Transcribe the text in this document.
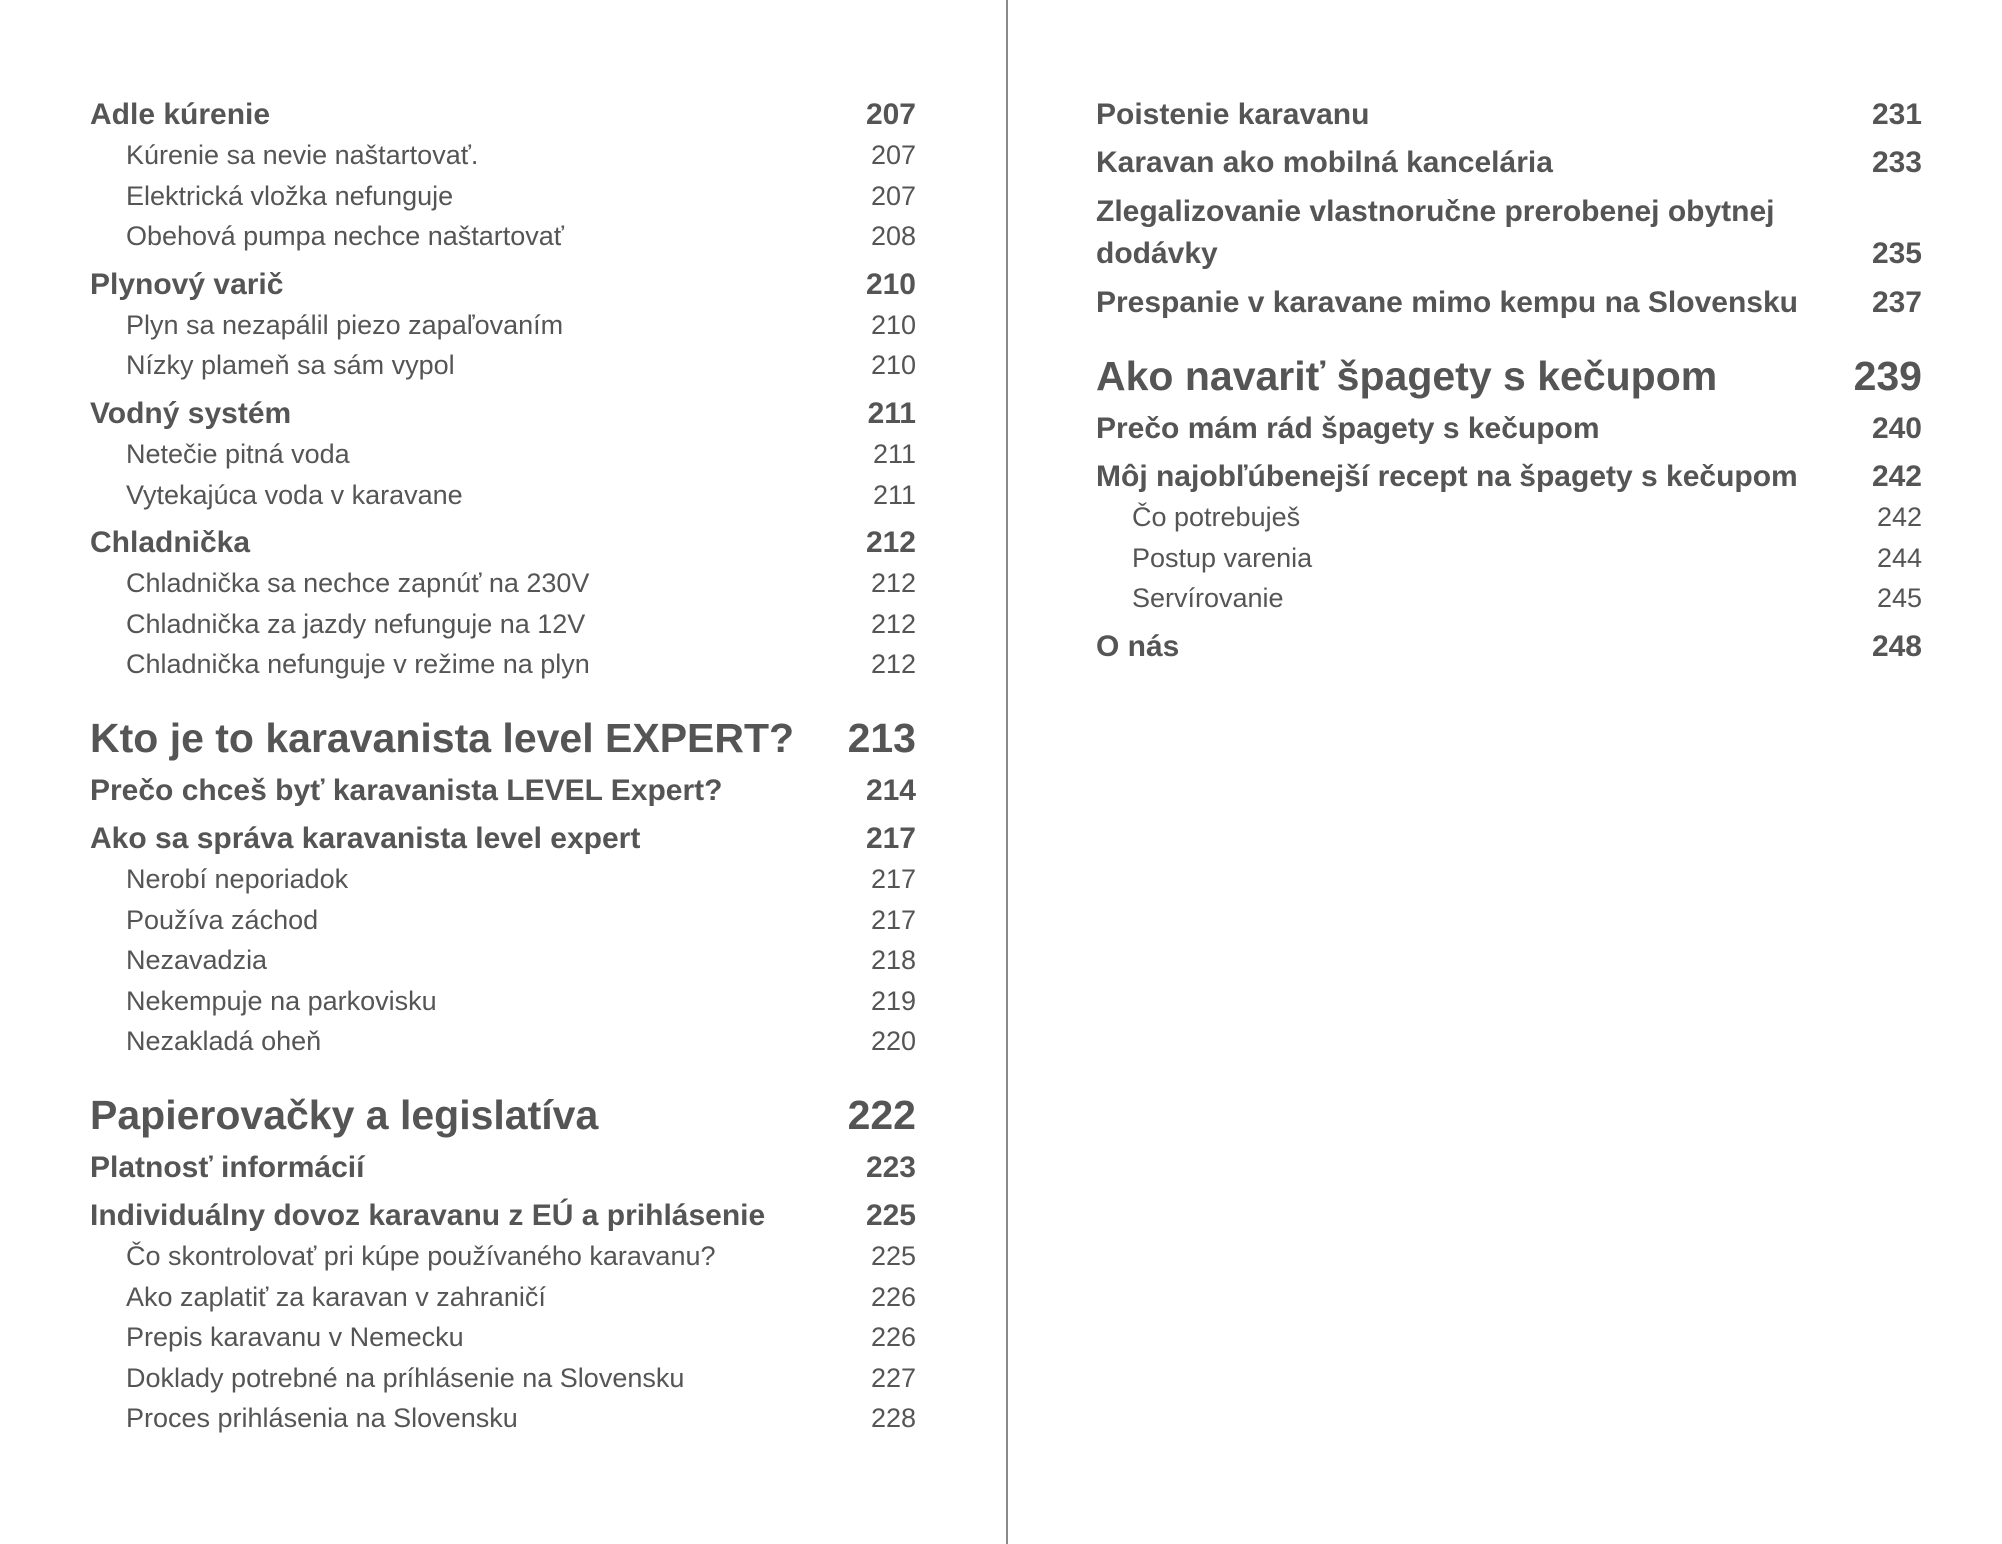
Adle kúrenie	207
Kúrenie sa nevie naštartovať.	207
Elektrická vložka nefunguje	207
Obehová pumpa nechce naštartovať	208
Plynový varič	210
Plyn sa nezapálil piezo zapaľovaním	210
Nízky plameň sa sám vypol	210
Vodný systém	211
Netečie pitná voda	211
Vytekajúca voda v karavane	211
Chladnička	212
Chladnička sa nechce zapnúť na 230V	212
Chladnička za jazdy nefunguje na 12V	212
Chladnička nefunguje v režime na plyn	212
Kto je to karavanista level EXPERT?	213
Prečo chceš byť karavanista LEVEL Expert?	214
Ako sa správa karavanista level expert	217
Nerobí neporiadok	217
Používa záchod	217
Nezavadzia	218
Nekempuje na parkovisku	219
Nezakladá oheň	220
Papierovačky a legislatíva	222
Platnosť informácií	223
Individuálny dovoz karavanu z EÚ a prihlásenie	225
Čo skontrolovať pri kúpe používaného karavanu?	225
Ako zaplatiť za karavan v zahraničí	226
Prepis karavanu v Nemecku	226
Doklady potrebné na príhlásenie na Slovensku	227
Proces prihlásenia na Slovensku	228
Poistenie karavanu	231
Karavan ako mobilná kancelária	233
Zlegalizovanie vlastnoručne prerobenej obytnej dodávky	235
Prespanie v karavane mimo kempu na Slovensku	237
Ako navariť špagety s kečupom	239
Prečo mám rád špagety s kečupom	240
Môj najobľúbenejší recept na špagety s kečupom	242
Čo potrebuješ	242
Postup varenia	244
Servírovanie	245
O nás	248
